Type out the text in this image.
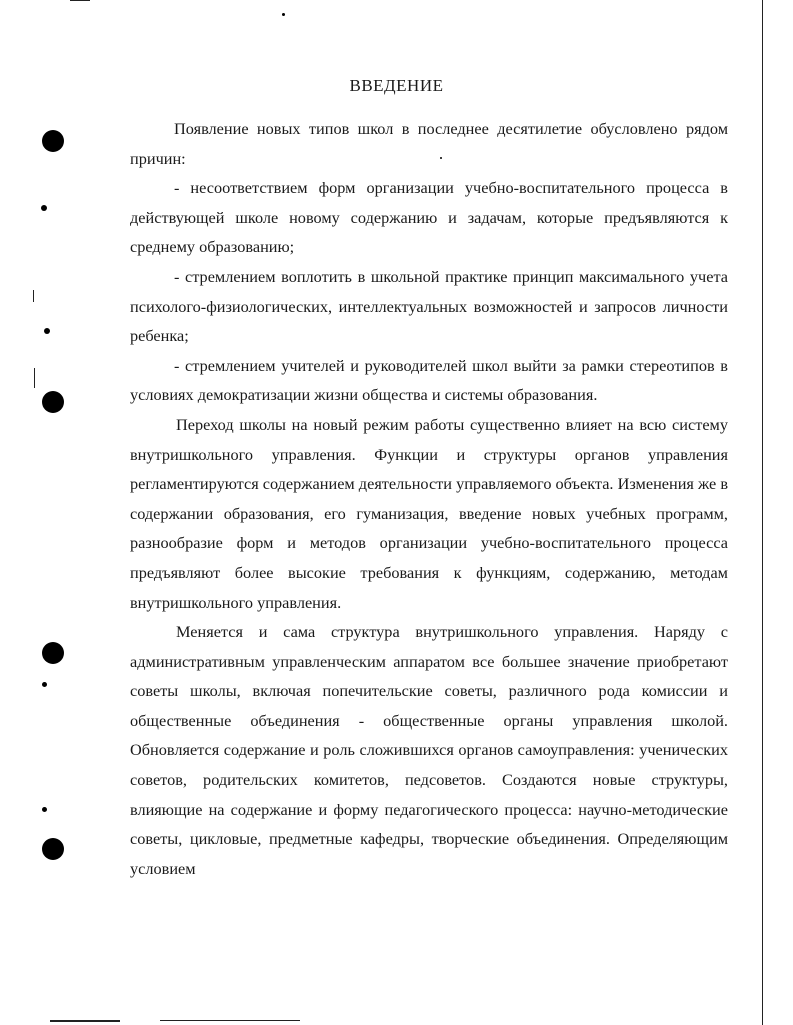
ВВЕДЕНИЕ

Появление новых типов школ в последнее десятилетие обусловлено рядом причин:

- несоответствием форм организации учебно-воспитательного процесса в действующей школе новому содержанию и задачам, которые предъявляются к среднему образованию;

- стремлением воплотить в школьной практике принцип максимального учета психолого-физиологических, интеллектуальных возможностей и запросов личности ребенка;

- стремлением учителей и руководителей школ выйти за рамки стереотипов в условиях демократизации жизни общества и системы образования.

Переход школы на новый режим работы существенно влияет на всю систему внутришкольного управления. Функции и структуры органов управления регламентируются содержанием деятельности управляемого объекта. Изменения же в содержании образования, его гуманизация, введение новых учебных программ, разнообразие форм и методов организации учебно-воспитательного процесса предъявляют более высокие требования к функциям, содержанию, методам внутришкольного управления.

Меняется и сама структура внутришкольного управления. Наряду с административным управленческим аппаратом все большее значение приобретают советы школы, включая попечительские советы, различного рода комиссии и общественные объединения - общественные органы управления школой. Обновляется содержание и роль сложившихся органов самоуправления: ученических советов, родительских комитетов, педсоветов. Создаются новые структуры, влияющие на содержание и форму педагогического процесса: научно-методические советы, цикловые, предметные кафедры, творческие объединения. Определяющим условием
